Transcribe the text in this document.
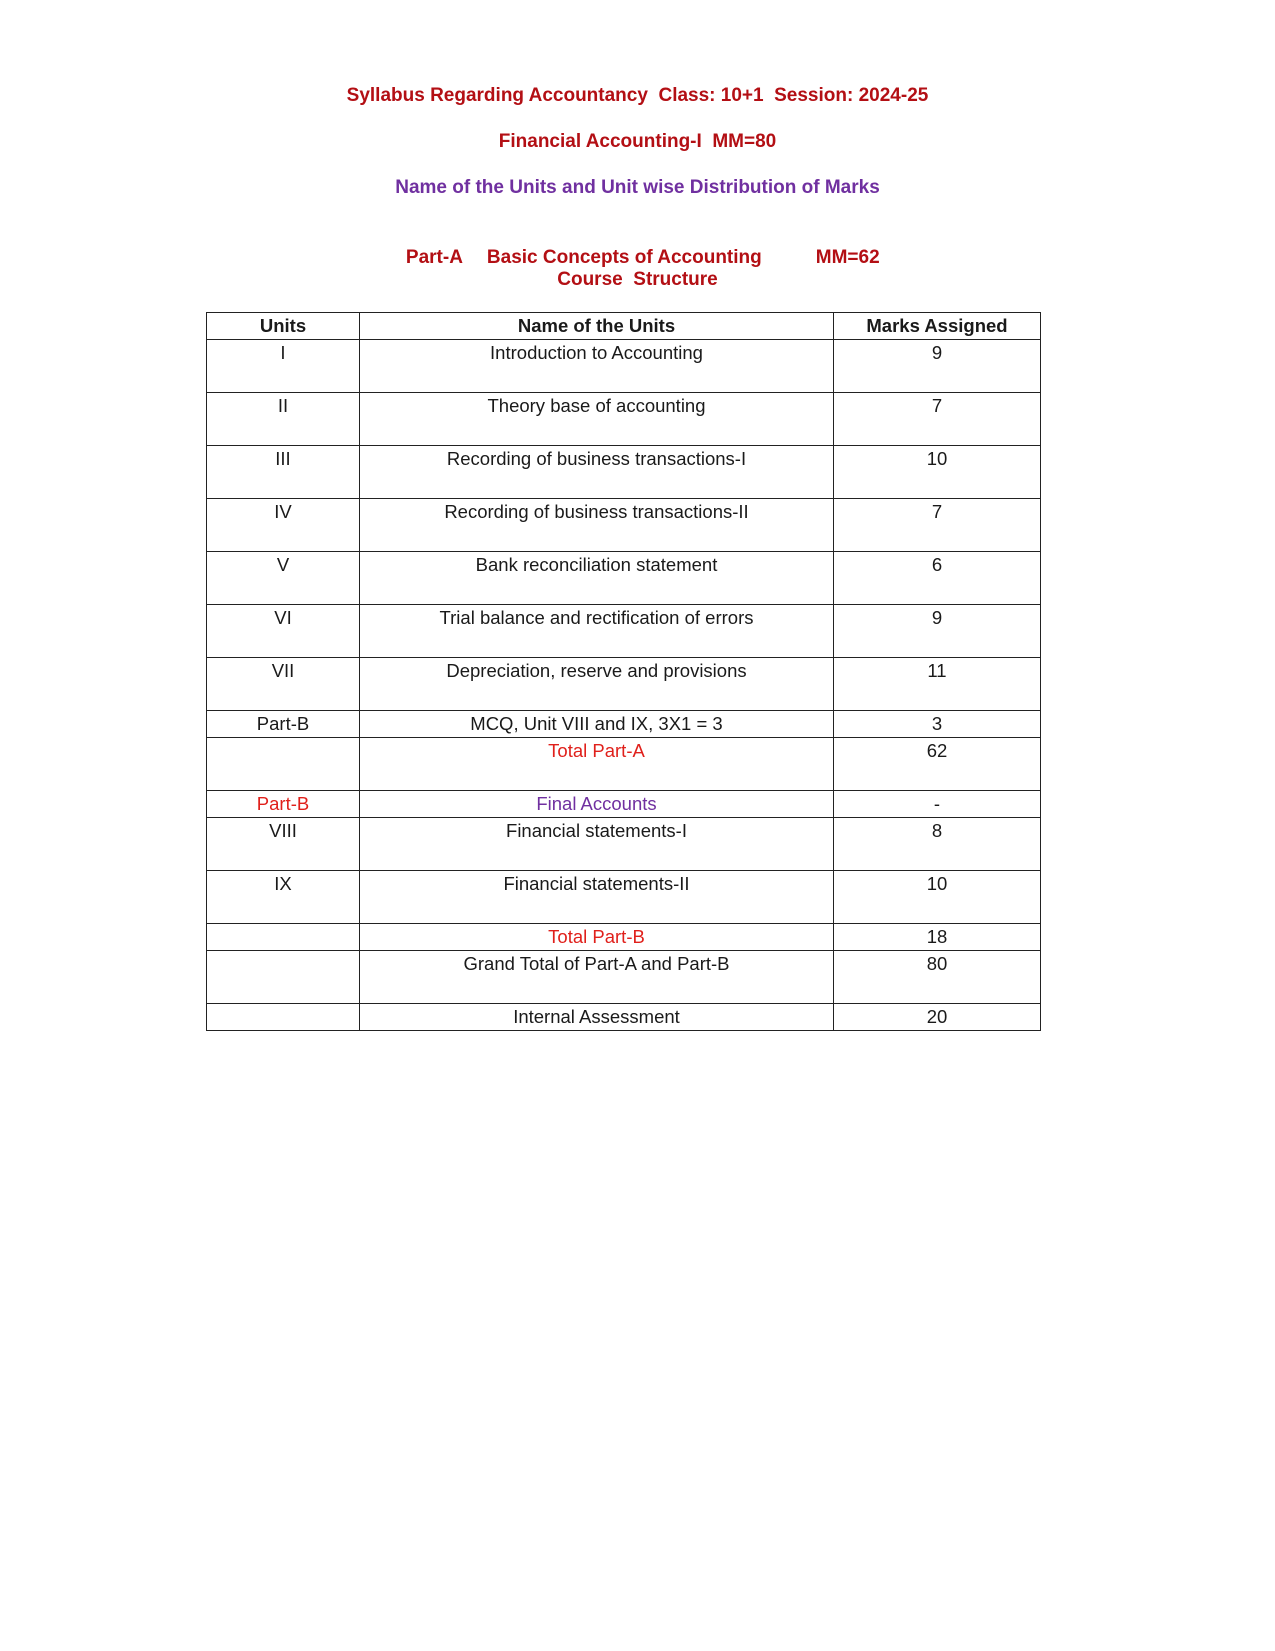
Syllabus Regarding Accountancy  Class: 10+1  Session: 2024-25
Financial Accounting-I  MM=80
Name of the Units and Unit wise Distribution of Marks

Part-A Basic Concepts of Accounting	MM=62

Course  Structure
Units	Name of the Units	Marks Assigned
I	Introduction to Accounting	9
II	Theory base of accounting	7
III	Recording of business transactions-I	10
IV	Recording of business transactions-II	7
V	Bank reconciliation statement	6
VI	Trial balance and rectification of errors	9
VII	Depreciation, reserve and provisions	11
Part-B	MCQ, Unit VIII and IX, 3X1 = 3	3
	Total Part-A	62
Part-B	Final Accounts	-
VIII	Financial statements-I	8
IX	Financial statements-II	10
	Total Part-B	18
	Grand Total of Part-A and Part-B	80
	Internal Assessment	20
